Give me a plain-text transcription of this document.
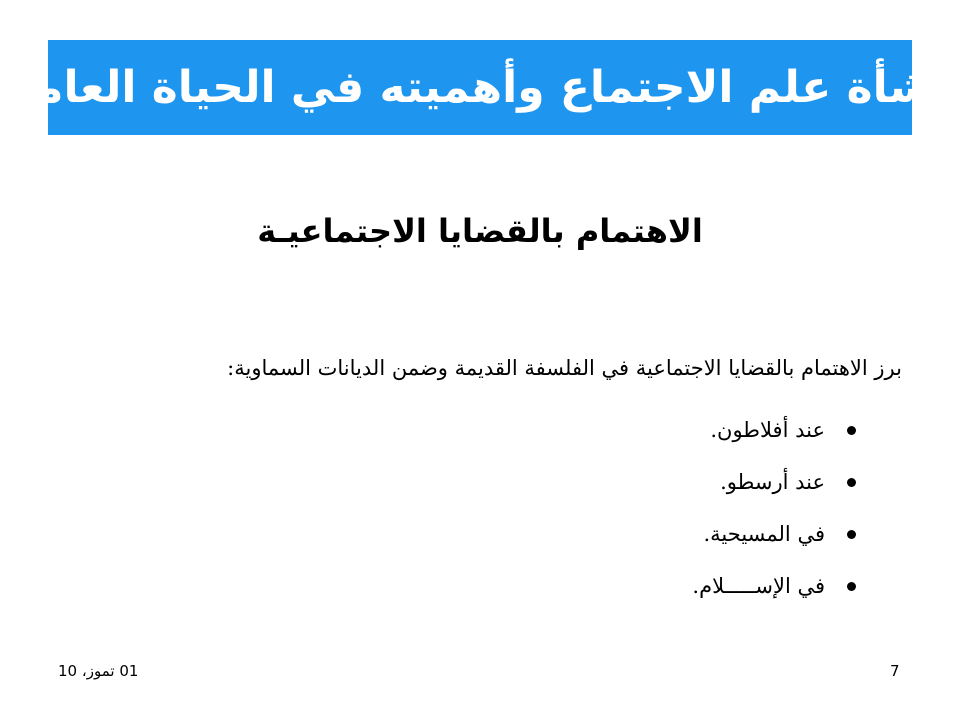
نشأة علم الاجتماع وأهميته في الحياة العامة
الاهتمام بالقضايا الاجتماعيـة
برز الاهتمام بالقضايا الاجتماعية في الفلسفة القديمة وضمن الديانات السماوية:
عند أفلاطون.
عند أرسطو.
في المسيحية.
في الإســـــلام.
01 تموز، 10	7
